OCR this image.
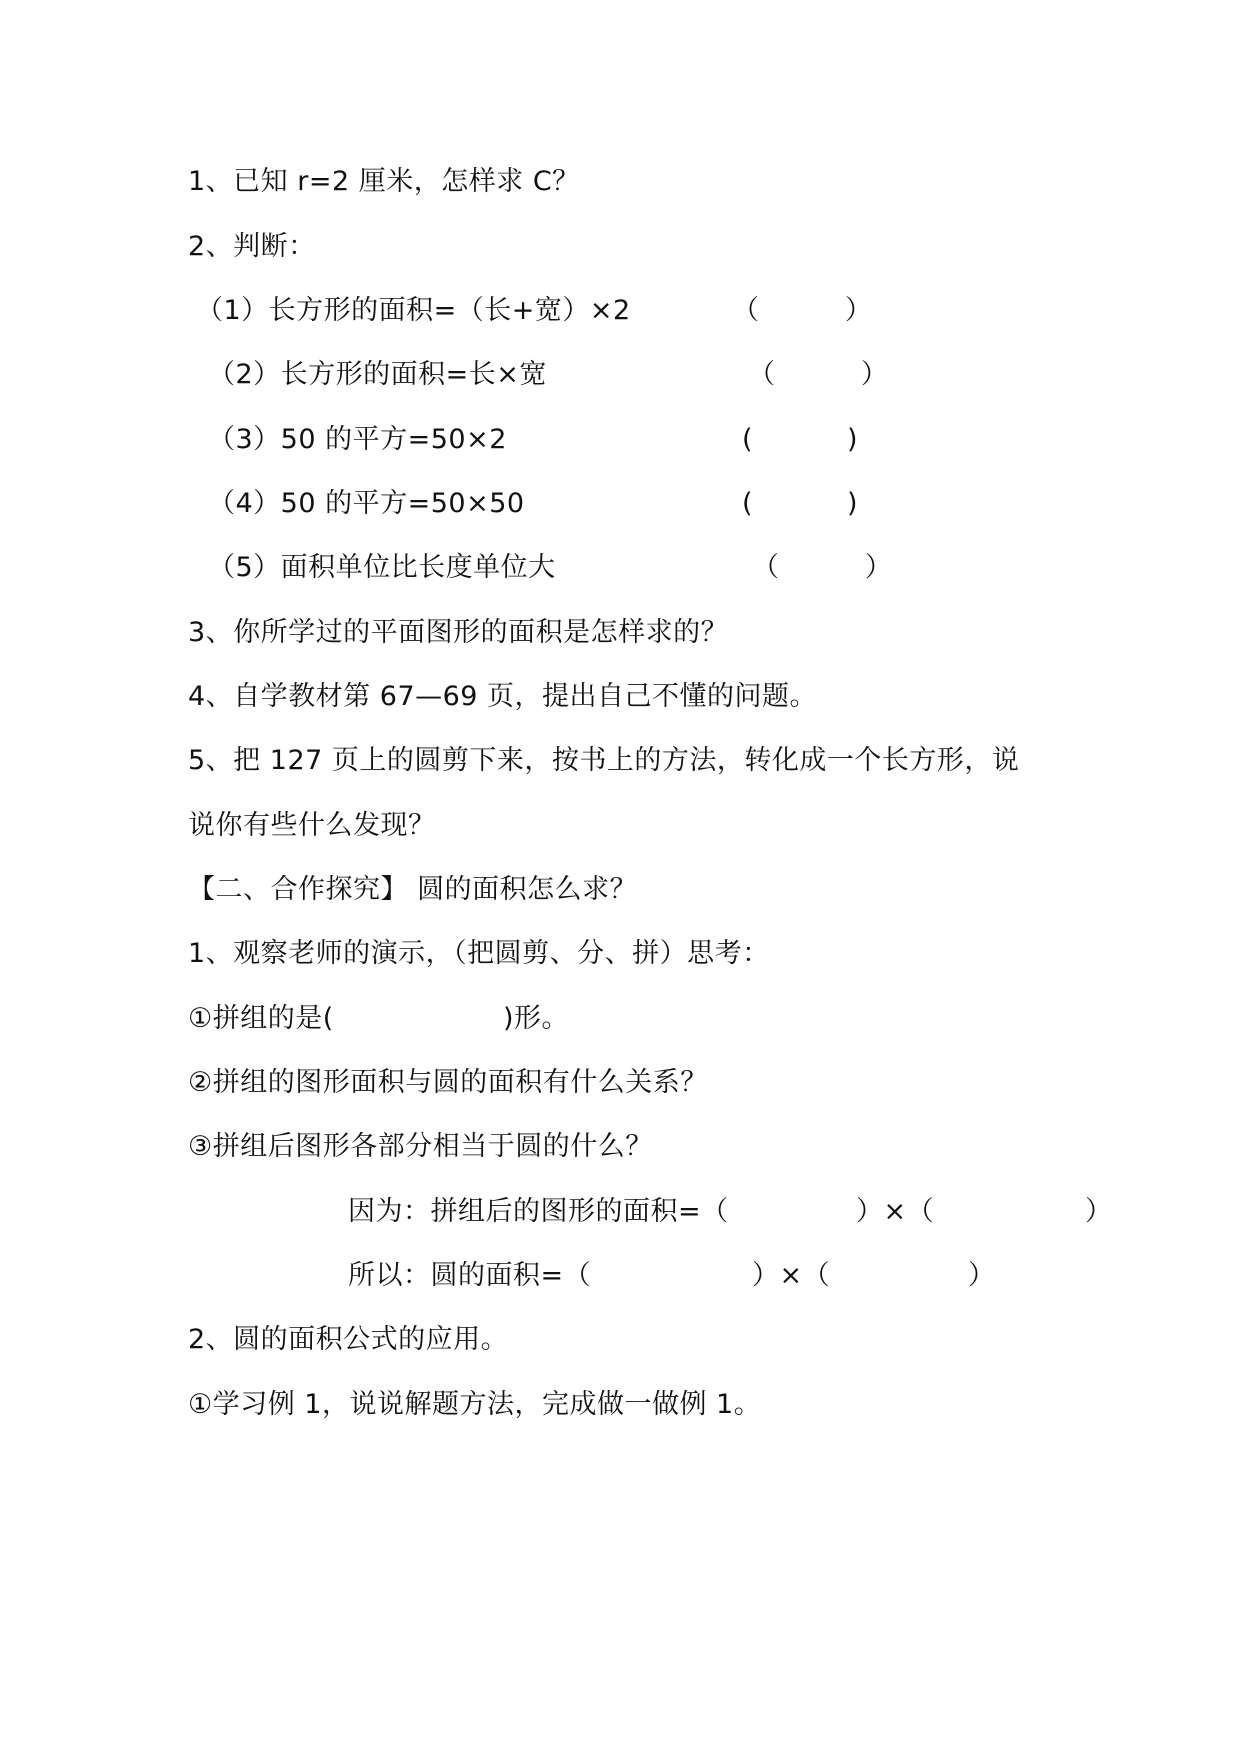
1、已知 r=2 厘米，怎样求 C？
2、判断：
（1）长方形的面积=（长+宽）×2	（          ）
（2）长方形的面积=长×宽	（          ）
（3）50 的平方=50×2	(           )
（4）50 的平方=50×50	(           )
（5）面积单位比长度单位大	（          ）
3、你所学过的平面图形的面积是怎样求的？
4、自学教材第 67—69 页，提出自己不懂的问题。
5、把 127 页上的圆剪下来，按书上的方法，转化成一个长方形，说
说你有些什么发现？
【二、合作探究】 圆的面积怎么求？
1、观察老师的演示，（把圆剪、分、拼）思考：
①拼组的是(	)形。
②拼组的图形面积与圆的面积有什么关系？
③拼组后图形各部分相当于圆的什么？
因为：拼组后的图形的面积=（	）×（	）
所以：圆的面积=（	）×（	）
2、圆的面积公式的应用。
①学习例 1，说说解题方法，完成做一做例 1。
